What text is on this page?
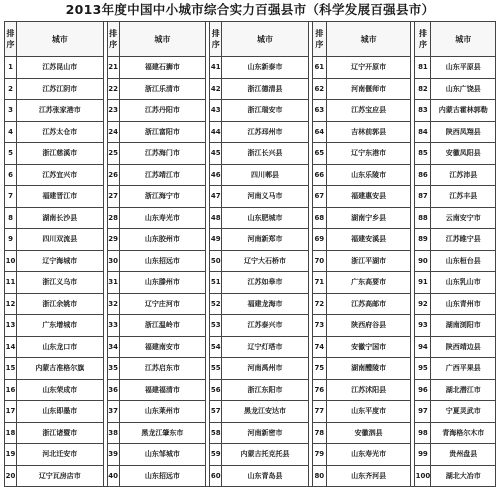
2013年度中国中小城市综合实力百强县市（科学发展百强县市）
排序	城市		排序	城市		排序	城市		排序	城市		排序	城市
1	江苏昆山市		21	福建石狮市		41	山东新泰市		61	辽宁开原市		81	山东平原县
2	江苏江阴市		22	浙江乐清市		42	浙江德清县		62	河南偃师市		82	山东广饶县
3	江苏张家港市		23	江苏丹阳市		43	浙江瑞安市		63	江苏宝应县		83	内蒙古霍林郭勒
4	江苏太仓市		24	浙江富阳市		44	江苏邳州市		64	吉林前郭县		84	陕西凤翔县
5	浙江慈溪市		25	江苏海门市		45	浙江长兴县		65	辽宁东港市		85	安徽凤阳县
6	江苏宜兴市		26	江苏靖江市		46	四川郫县		66	山东乐陵市		86	江苏沛县
7	福建晋江市		27	浙江海宁市		47	河南义马市		67	福建惠安县		87	江苏丰县
8	湖南长沙县		28	山东寿光市		48	山东肥城市		68	湖南宁乡县		88	云南安宁市
9	四川双流县		29	山东胶州市		49	河南新郑市		69	福建安溪县		89	江苏睢宁县
10	辽宁海城市		30	山东招远市		50	辽宁大石桥市		70	浙江平湖市		90	山东桓台县
11	浙江义乌市		31	山东滕州市		51	江苏如皋市		71	广东高要市		91	山东乳山市
12	浙江余姚市		32	辽宁庄河市		52	福建龙海市		72	江苏高邮市		92	山东青州市
13	广东增城市		33	浙江温岭市		53	江苏泰兴市		73	陕西府谷县		93	湖南浏阳市
14	山东龙口市		34	福建南安市		54	辽宁灯塔市		74	安徽宁国市		94	陕西靖边县
15	内蒙古准格尔旗		35	江苏启东市		55	河南禹州市		75	湖南醴陵市		95	广西平果县
16	山东荣成市		36	福建福清市		56	浙江东阳市		76	江苏沭阳县		96	湖北潜江市
17	山东即墨市		37	山东莱州市		57	黑龙江安达市		77	山东平度市		97	宁夏灵武市
18	浙江诸暨市		38	黑龙江肇东市		58	河南新密市		78	安徽泗县		98	青海格尔木市
19	河北迁安市		39	山东邹城市		59	内蒙古托克托县		79	山东寿光市		99	贵州盘县
20	辽宁瓦房店市		40	山东招远市		60	山东青岛县		80	山东齐河县		100	湖北大冶市
